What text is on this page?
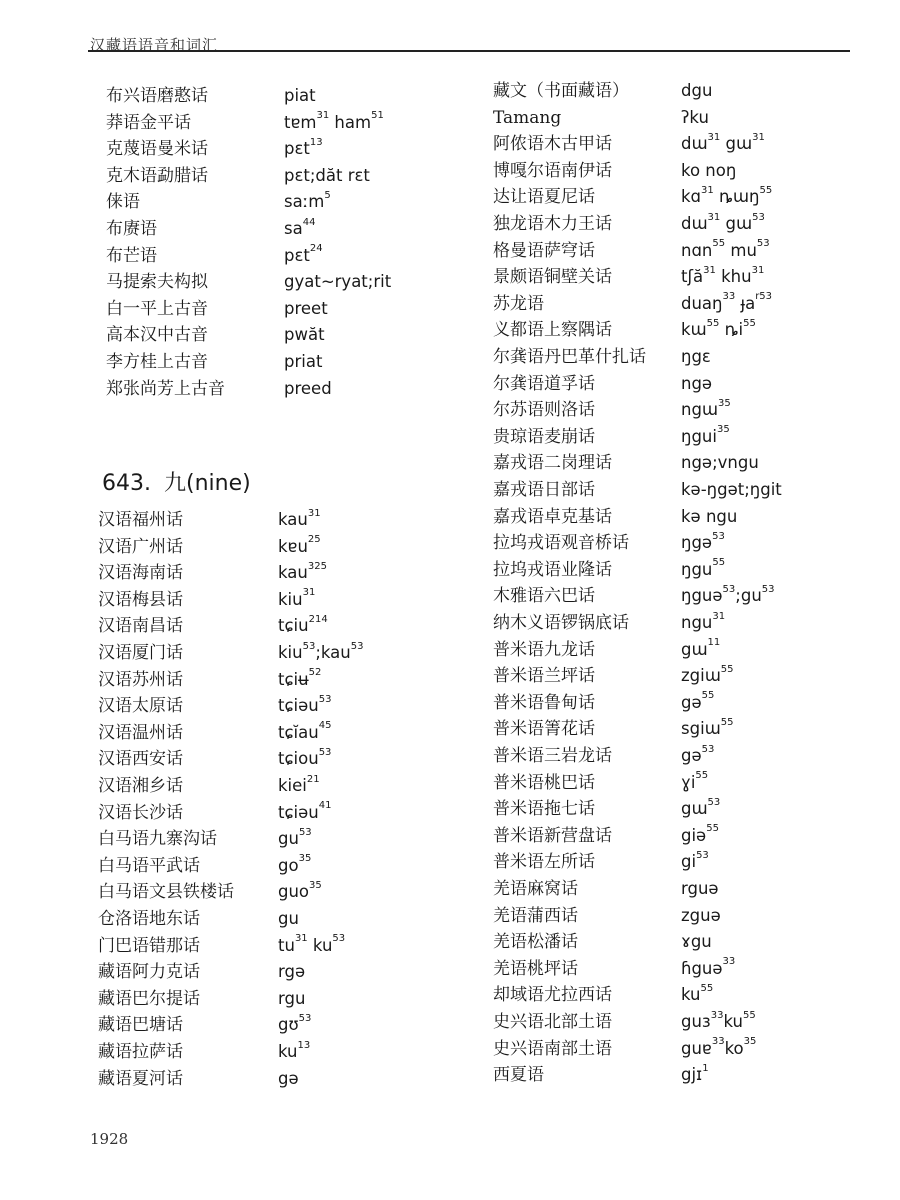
汉藏语语音和词汇
布兴语磨憨话	piat
莽语金平话	tɐm$^{31}$ ham$^{51}$
克蔑语曼米话	pɛt$^{13}$
克木语勐腊话	pɛt;dăt rɛt
俫语	saːm$^5$
布赓语	$sa^{44}$
布芒语	pɛt$^{24}$
马提索夫构拟	gyat~ryat;rit
白一平上古音	preet
高本汉中古音	pwăt
李方桂上古音	priat
郑张尚芳上古音	preed
643. 九(nine)
汉语福州话	kau$^{31}$
汉语广州话	kɐu$^{25}$
汉语海南话	kau$^{325}$
汉语梅县话	kiu$^{31}$
汉语南昌话	tɕiu$^{214}$
汉语厦门话	kiu$^{53}$;kau$^{53}$
汉语苏州话	tɕiʉ$^{52}$
汉语太原话	tɕiəu$^{53}$
汉语温州话	tɕĭau$^{45}$
汉语西安话	tɕiou$^{53}$
汉语湘乡话	kiei$^{21}$
汉语长沙话	tɕiəu$^{41}$
白马语九寨沟话	$gu^{53}$
白马语平武话	$go^{35}$
白马语文县铁楼话	guo$^{35}$
仓洛语地东话	gu
门巴语错那话	$tu^{31}$ $ku^{53}$
藏语阿力克话	rgə
藏语巴尔提话	rgu
藏语巴塘话	gʊ$^{53}$
藏语拉萨话	$ku^{13}$
藏语夏河话	gə
藏文（书面藏语）	dgu
Tamang	ʔku
阿侬语木古甲话	dɯ$^{31}$ gɯ$^{31}$
博嘎尔语南伊话	ko noŋ
达让语夏尼话	kɑ$^{31}$ ȵɯŋ$^{55}$
独龙语木力王话	dɯ$^{31}$ gɯ$^{53}$
格曼语萨穹话	nɑn$^{55}$ $mu^{53}$
景颇语铜壁关话	tʃă$^{31}$ khu$^{31}$
苏龙语	duaŋ$^{33}$ ɟa$^{r53}$
义都语上察隅话	kɯ$^{55}$ $ȵi^{55}$
尔龚语丹巴革什扎话 ŋgɛ
尔龚语道孚话	ngə
尔苏语则洛话	ngɯ$^{35}$
贵琼语麦崩话	ŋgui$^{35}$
嘉戎语二岗理话	ngə;vngu
嘉戎语日部话	kə-ŋgət;ŋgit
嘉戎语卓克基话	kə ngu
拉坞戎语观音桥话	ŋgə$^{53}$
拉坞戎语业隆话	ŋgu$^{55}$
木雅语六巴话	$ŋguə^{53};gu^{53}$
纳木义语锣锅底话	ngu$^{31}$
普米语九龙话	gɯ$^{11}$
普米语兰坪话	zgiɯ$^{55}$
普米语鲁甸话	gə$^{55}$
普米语箐花话	sgiɯ$^{55}$
普米语三岩龙话	gə$^{53}$
普米语桃巴话	ɣi$^{55}$
普米语拖七话	gɯ$^{53}$
普米语新营盘话	giə$^{55}$
普米语左所话	$gi^{53}$
羌语麻窝话	rguə
羌语蒲西话	zguə
羌语松潘话	ɤgu
羌语桃坪话	ɦguə$^{33}$
却域语尤拉西话	$ku^{55}$
史兴语北部土语	$guɜ^{33}ku^{55}$
史兴语南部土语	$guɐ^{33}ko^{35}$
西夏语	gjɪ$^1$
1928
